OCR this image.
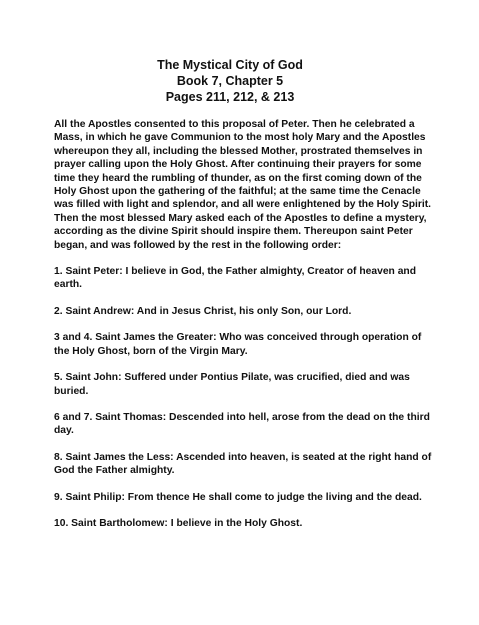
The Mystical City of God
Book 7, Chapter 5
Pages 211, 212, & 213

All the Apostles consented to this proposal of Peter. Then he celebrated a Mass, in which he gave Communion to the most holy Mary and the Apostles whereupon they all, including the blessed Mother, prostrated themselves in prayer calling upon the Holy Ghost. After continuing their prayers for some time they heard the rumbling of thunder, as on the first coming down of the Holy Ghost upon the gathering of the faithful; at the same time the Cenacle was filled with light and splendor, and all were enlightened by the Holy Spirit. Then the most blessed Mary asked each of the Apostles to define a mystery, according as the divine Spirit should inspire them. Thereupon saint Peter began, and was followed by the rest in the following order:

1. Saint Peter: I believe in God, the Father almighty, Creator of heaven and earth.

2. Saint Andrew: And in Jesus Christ, his only Son, our Lord.

3 and 4. Saint James the Greater: Who was conceived through operation of the Holy Ghost, born of the Virgin Mary.

5. Saint John: Suffered under Pontius Pilate, was crucified, died and was buried.

6 and 7. Saint Thomas: Descended into hell, arose from the dead on the third day.

8. Saint James the Less: Ascended into heaven, is seated at the right hand of God the Father almighty.

9. Saint Philip: From thence He shall come to judge the living and the dead.

10. Saint Bartholomew: I believe in the Holy Ghost.
